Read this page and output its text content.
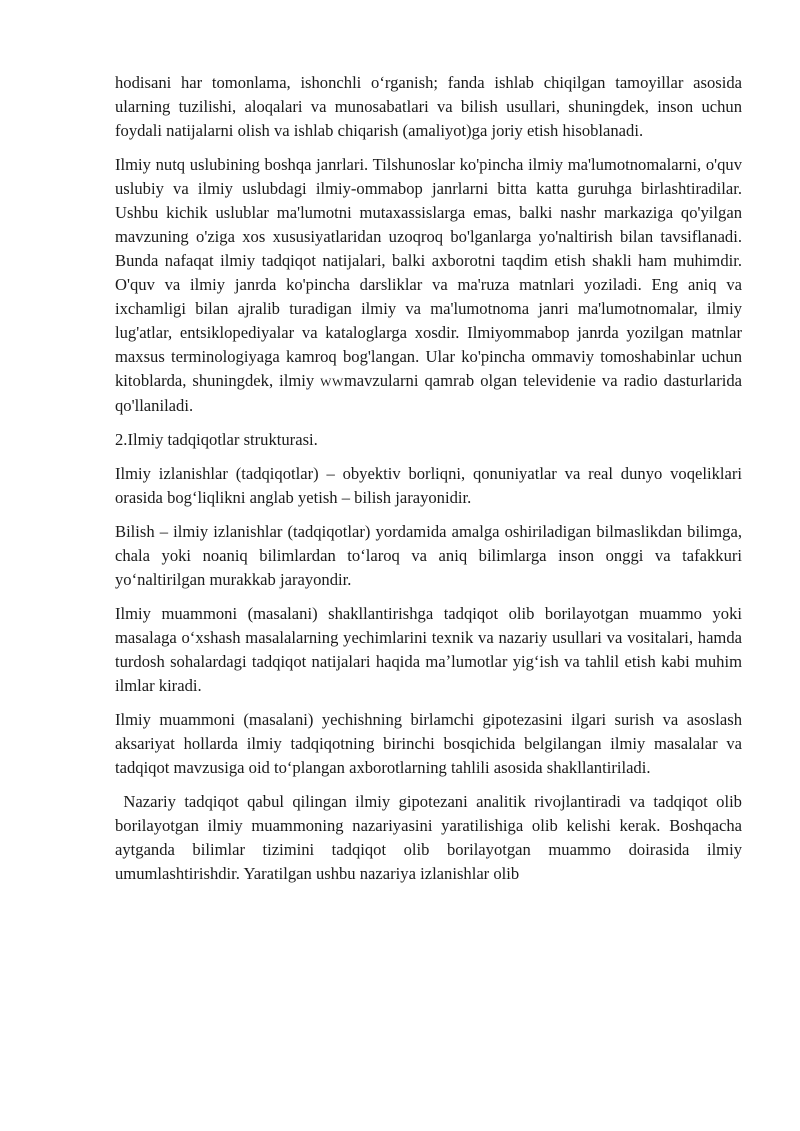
hodisani har tomonlama, ishonchli oʻrganish; fanda ishlab chiqilgan tamoyillar asosida ularning tuzilishi, aloqalari va munosabatlari va bilish usullari, shuningdek, inson uchun foydali natijalarni olish va ishlab chiqarish (amaliyot)ga joriy etish hisoblanadi.

Ilmiy nutq uslubining boshqa janrlari. Tilshunoslar ko'pincha ilmiy ma'lumotnomalarni, o'quv uslubiy va ilmiy uslubdagi ilmiy-ommabop janrlarni bitta katta guruhga birlashtiradilar. Ushbu kichik uslublar ma'lumotni mutaxassislarga emas, balki nashr markaziga qo'yilgan mavzuning o'ziga xos xususiyatlaridan uzoqroq bo'lganlarga yo'naltirish bilan tavsiflanadi. Bunda nafaqat ilmiy tadqiqot natijalari, balki axborotni taqdim etish shakli ham muhimdir. O'quv va ilmiy janrda ko'pincha darsliklar va ma'ruza matnlari yoziladi. Eng aniq va ixchamligi bilan ajralib turadigan ilmiy va ma'lumotnoma janri ma'lumotnomalar, ilmiy lug'atlar, entsiklopediyalar va kataloglarga xosdir. Ilmiyommabop janrda yozilgan matnlar maxsus terminologiyaga kamroq bog'langan. Ular ko'pincha ommaviy tomoshabinlar uchun kitoblarda, shuningdek, ilmiy WWmavzularni qamrab olgan televidenie va radio dasturlarida qo'llaniladi.

2.Ilmiy tadqiqotlar strukturasi.

Ilmiy izlanishlar (tadqiqotlar) – obyektiv borliqni, qonuniyatlar va real dunyo voqeliklari orasida bogʻliqlikni anglab yetish – bilish jarayonidir.

Bilish – ilmiy izlanishlar (tadqiqotlar) yordamida amalga oshiriladigan bilmaslikdan bilimga, chala yoki noaniq bilimlardan toʻlaroq va aniq bilimlarga inson onggi va tafakkuri yoʻnaltirilgan murakkab jarayondir.

Ilmiy muammoni (masalani) shakllantirishga tadqiqot olib borilayotgan muammo yoki masalaga oʻxshash masalalarning yechimlarini texnik va nazariy usullari va vositalari, hamda turdosh sohalardagi tadqiqot natijalari haqida maʼlumotlar yigʻish va tahlil etish kabi muhim ilmlar kiradi.

Ilmiy muammoni (masalani) yechishning birlamchi gipotezasini ilgari surish va asoslash aksariyat hollarda ilmiy tadqiqotning birinchi bosqichida belgilangan ilmiy masalalar va tadqiqot mavzusiga oid toʻplangan axborotlarning tahlili asosida shakllantiriladi.

Nazariy tadqiqot qabul qilingan ilmiy gipotezani analitik rivojlantiradi va tadqiqot olib borilayotgan ilmiy muammoning nazariyasini yaratilishiga olib kelishi kerak. Boshqacha aytganda bilimlar tizimini tadqiqot olib borilayotgan muammo doirasida ilmiy umumlashtirishdir. Yaratilgan ushbu nazariya izlanishlar olib
